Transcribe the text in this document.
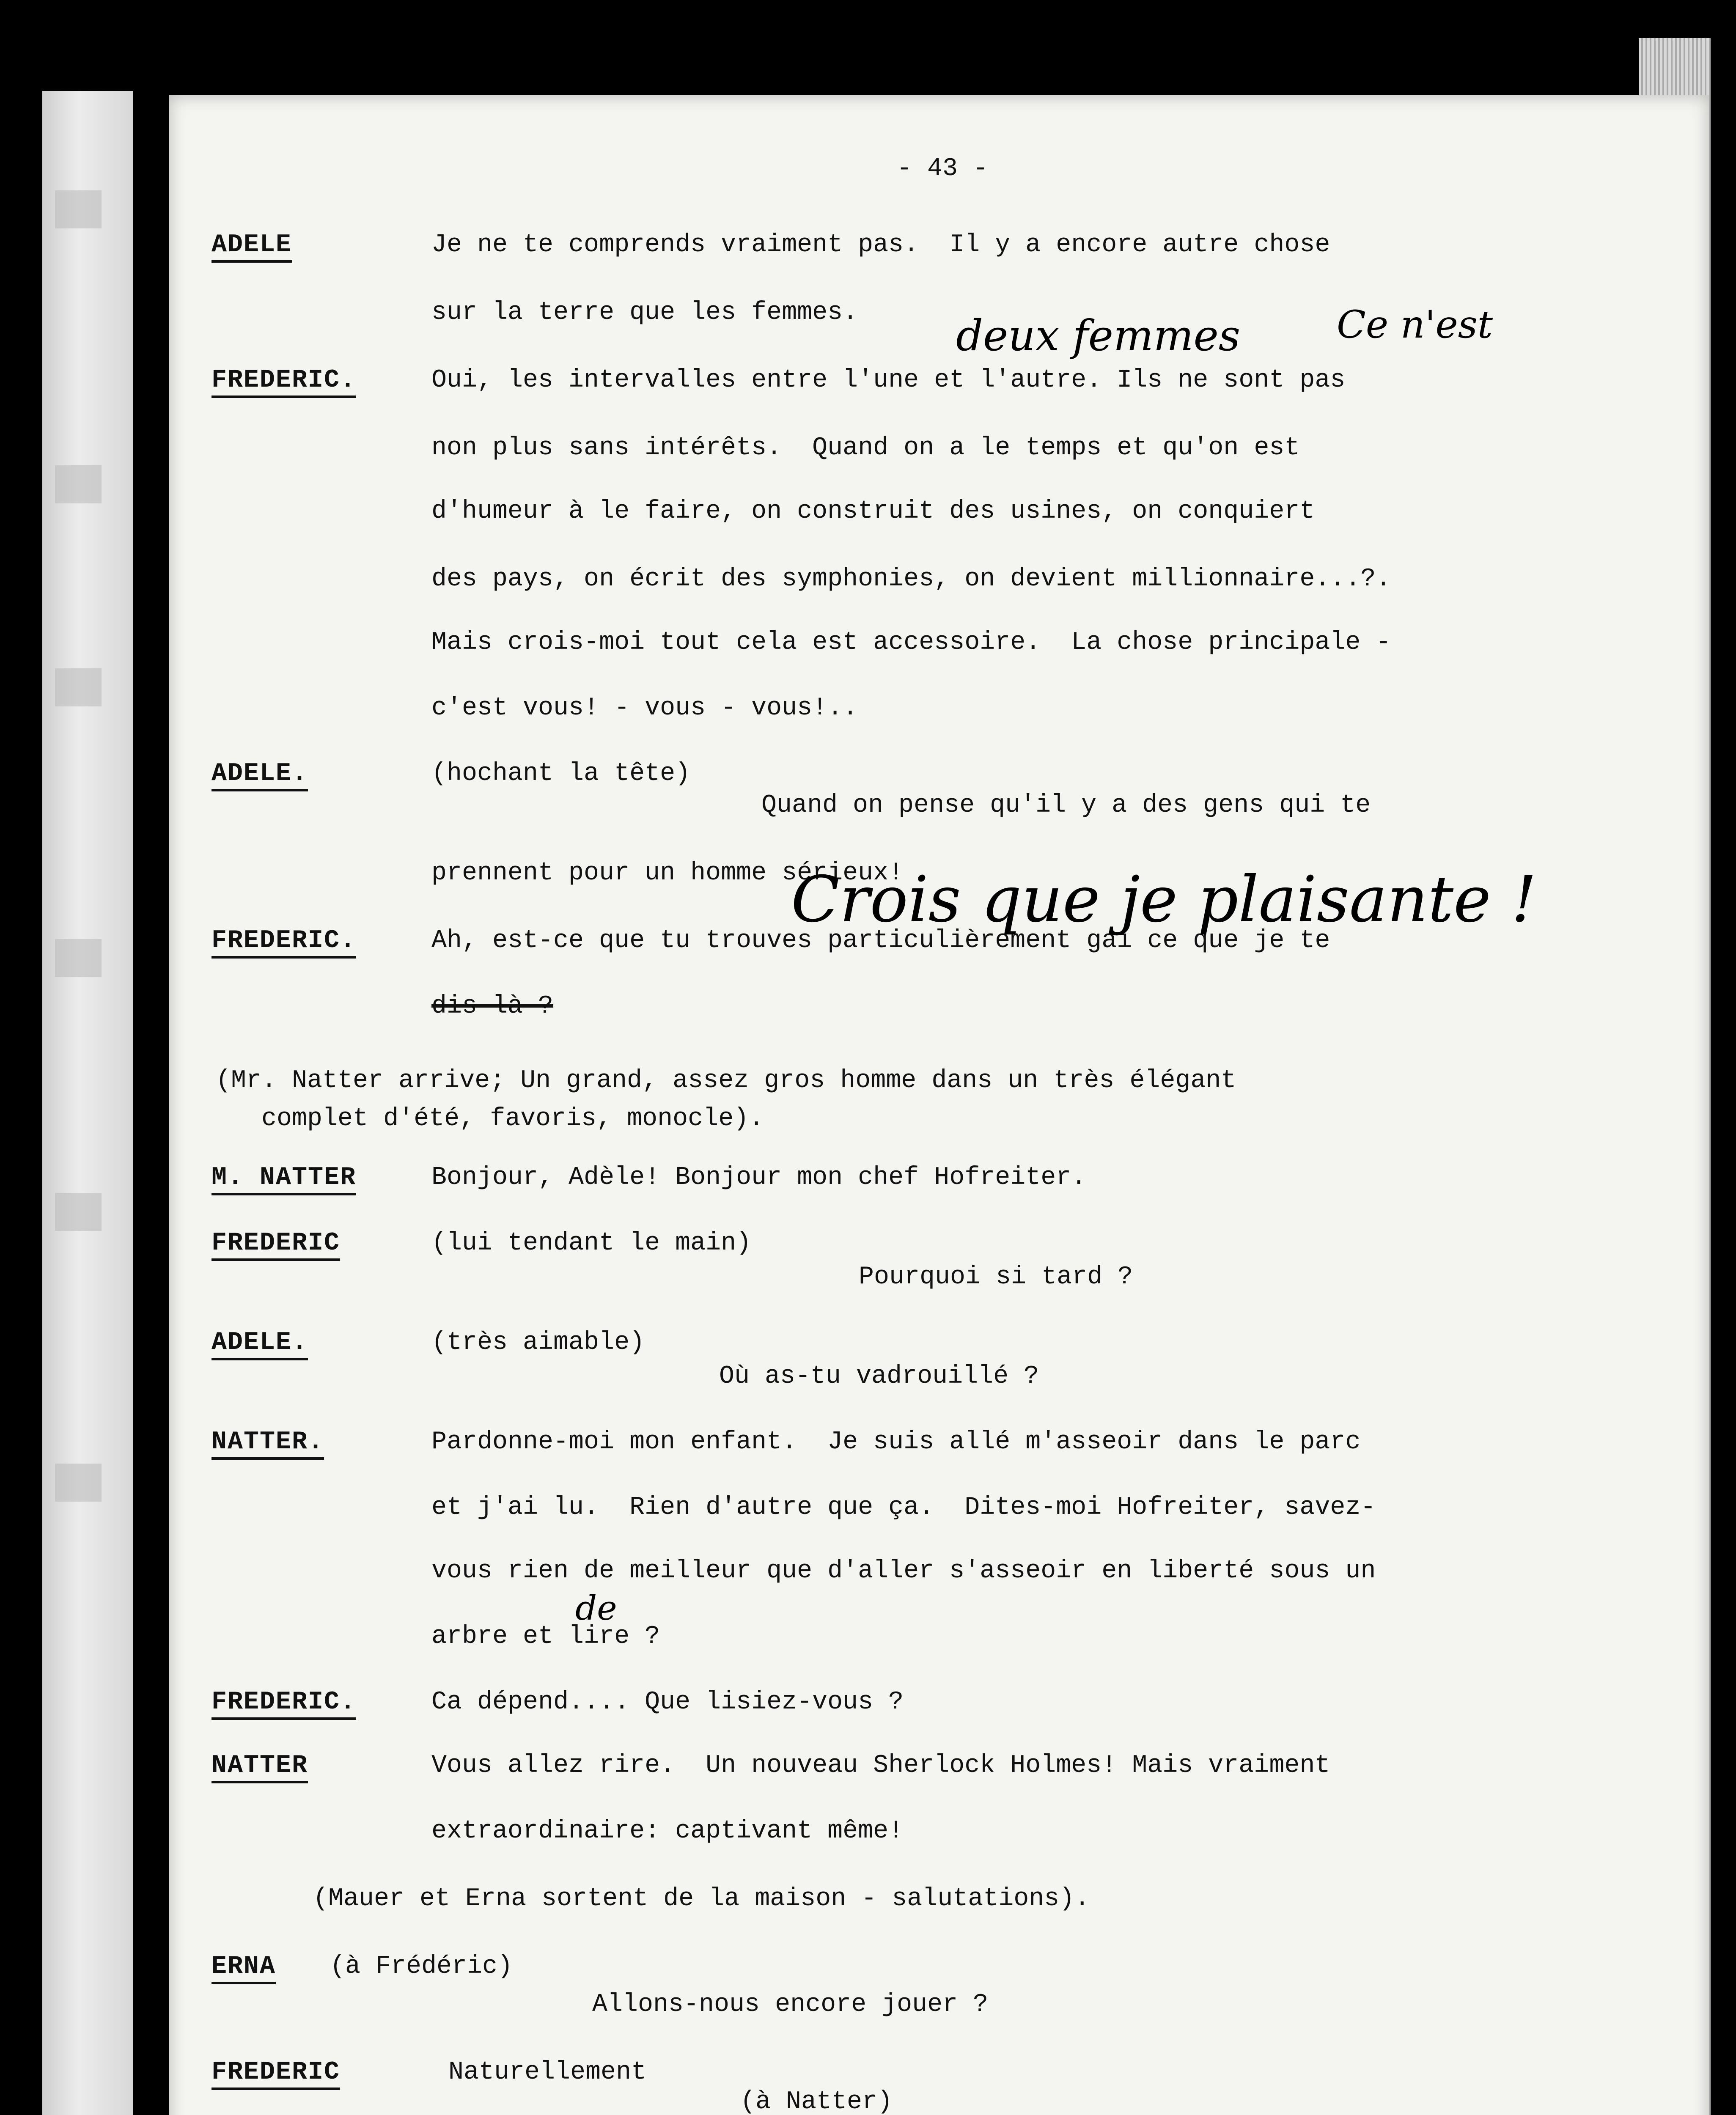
- 43 -
ADELE	Je ne te comprends vraiment pas.  Il y a encore autre chose
sur la terre que les femmes.
FREDERIC.	Oui, les intervalles entre l'une et l'autre. Ils ne sont pas
non plus sans intérêts.  Quand on a le temps et qu'on est
d'humeur à le faire, on construit des usines, on conquiert
des pays, on écrit des symphonies, on devient millionnaire...?.
Mais crois-moi tout cela est accessoire.  La chose principale -
c'est vous! - vous - vous!..
deux femmes	Ce n'est
ADELE.	(hochant la tête)
Quand on pense qu'il y a des gens qui te
prennent pour un homme sérieux!
FREDERIC.	Ah, est-ce que tu trouves particulièrement gai ce que je te
dis là ?
Crois que je plaisante !
(Mr. Natter arrive; Un grand, assez gros homme dans un très élégant
complet d'été, favoris, monocle).
M. NATTER	Bonjour, Adèle! Bonjour mon chef Hofreiter.
FREDERIC	(lui tendant le main)
Pourquoi si tard ?
ADELE.	(très aimable)
Où as-tu vadrouillé ?
NATTER.	Pardonne-moi mon enfant.  Je suis allé m'asseoir dans le parc
et j'ai lu.  Rien d'autre que ça.  Dites-moi Hofreiter, savez-
vous rien de meilleur que d'aller s'asseoir en liberté sous un
arbre et lire ?
de
FREDERIC.	Ca dépend.... Que lisiez-vous ?
NATTER	Vous allez rire.  Un nouveau Sherlock Holmes! Mais vraiment
extraordinaire: captivant même!
(Mauer et Erna sortent de la maison - salutations).
ERNA (à Frédéric)
Allons-nous encore jouer ?
FREDERIC	Naturellement
(à Natter)
